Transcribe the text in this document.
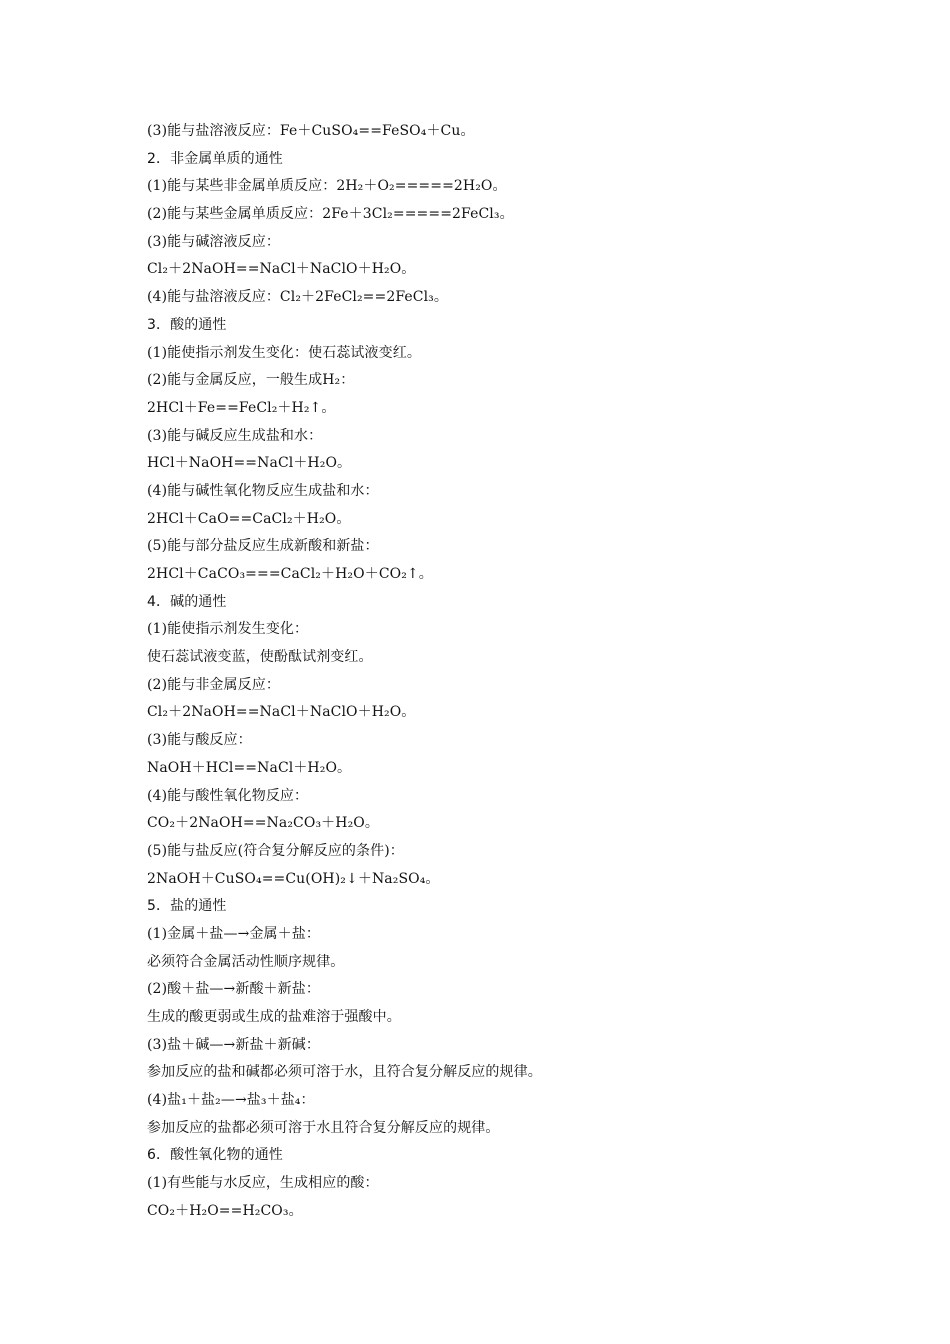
(3)能与盐溶液反应：Fe＋CuSO₄==FeSO₄＋Cu。
2．非金属单质的通性
(1)能与某些非金属单质反应：2H₂＋O₂=====2H₂O。
(2)能与某些金属单质反应：2Fe＋3Cl₂=====2FeCl₃。
(3)能与碱溶液反应：
Cl₂＋2NaOH==NaCl＋NaClO＋H₂O。
(4)能与盐溶液反应：Cl₂＋2FeCl₂==2FeCl₃。
3．酸的通性
(1)能使指示剂发生变化：使石蕊试液变红。
(2)能与金属反应，一般生成H₂：
2HCl＋Fe==FeCl₂＋H₂↑。
(3)能与碱反应生成盐和水：
HCl＋NaOH==NaCl＋H₂O。
(4)能与碱性氧化物反应生成盐和水：
2HCl＋CaO==CaCl₂＋H₂O。
(5)能与部分盐反应生成新酸和新盐：
2HCl＋CaCO₃===CaCl₂＋H₂O＋CO₂↑。
4．碱的通性
(1)能使指示剂发生变化：
使石蕊试液变蓝，使酚酞试剂变红。
(2)能与非金属反应：
Cl₂＋2NaOH==NaCl＋NaClO＋H₂O。
(3)能与酸反应：
NaOH＋HCl==NaCl＋H₂O。
(4)能与酸性氧化物反应：
CO₂＋2NaOH==Na₂CO₃＋H₂O。
(5)能与盐反应(符合复分解反应的条件)：
2NaOH＋CuSO₄==Cu(OH)₂↓＋Na₂SO₄。
5．盐的通性
(1)金属＋盐—→金属＋盐：
必须符合金属活动性顺序规律。
(2)酸＋盐—→新酸＋新盐：
生成的酸更弱或生成的盐难溶于强酸中。
(3)盐＋碱—→新盐＋新碱：
参加反应的盐和碱都必须可溶于水，且符合复分解反应的规律。
(4)盐₁＋盐₂—→盐₃＋盐₄：
参加反应的盐都必须可溶于水且符合复分解反应的规律。
6．酸性氧化物的通性
(1)有些能与水反应，生成相应的酸：
CO₂＋H₂O==H₂CO₃。
